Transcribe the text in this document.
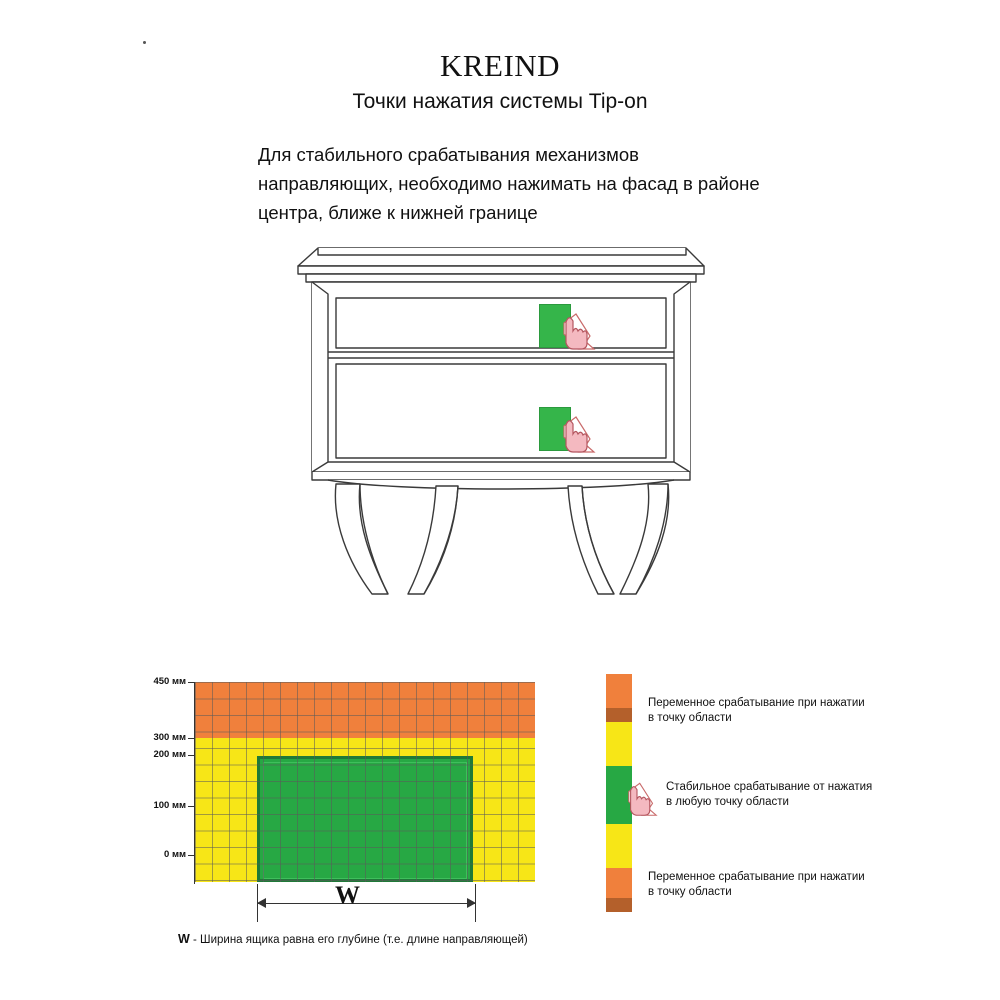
KREIND
Точки нажатия системы Tip-on
Для стабильного срабатывания механизмов направляющих, необходимо нажимать на фасад в районе центра, ближе к нижней границе
450 мм
300 мм
200 мм
100 мм
0 мм
W
W - Ширина ящика равна его глубине (т.е. длине направляющей)
Переменное срабатывание при нажатии в точку области
Стабильное срабатывание от нажатия в любую точку области
Переменное срабатывание при нажатии в точку области
